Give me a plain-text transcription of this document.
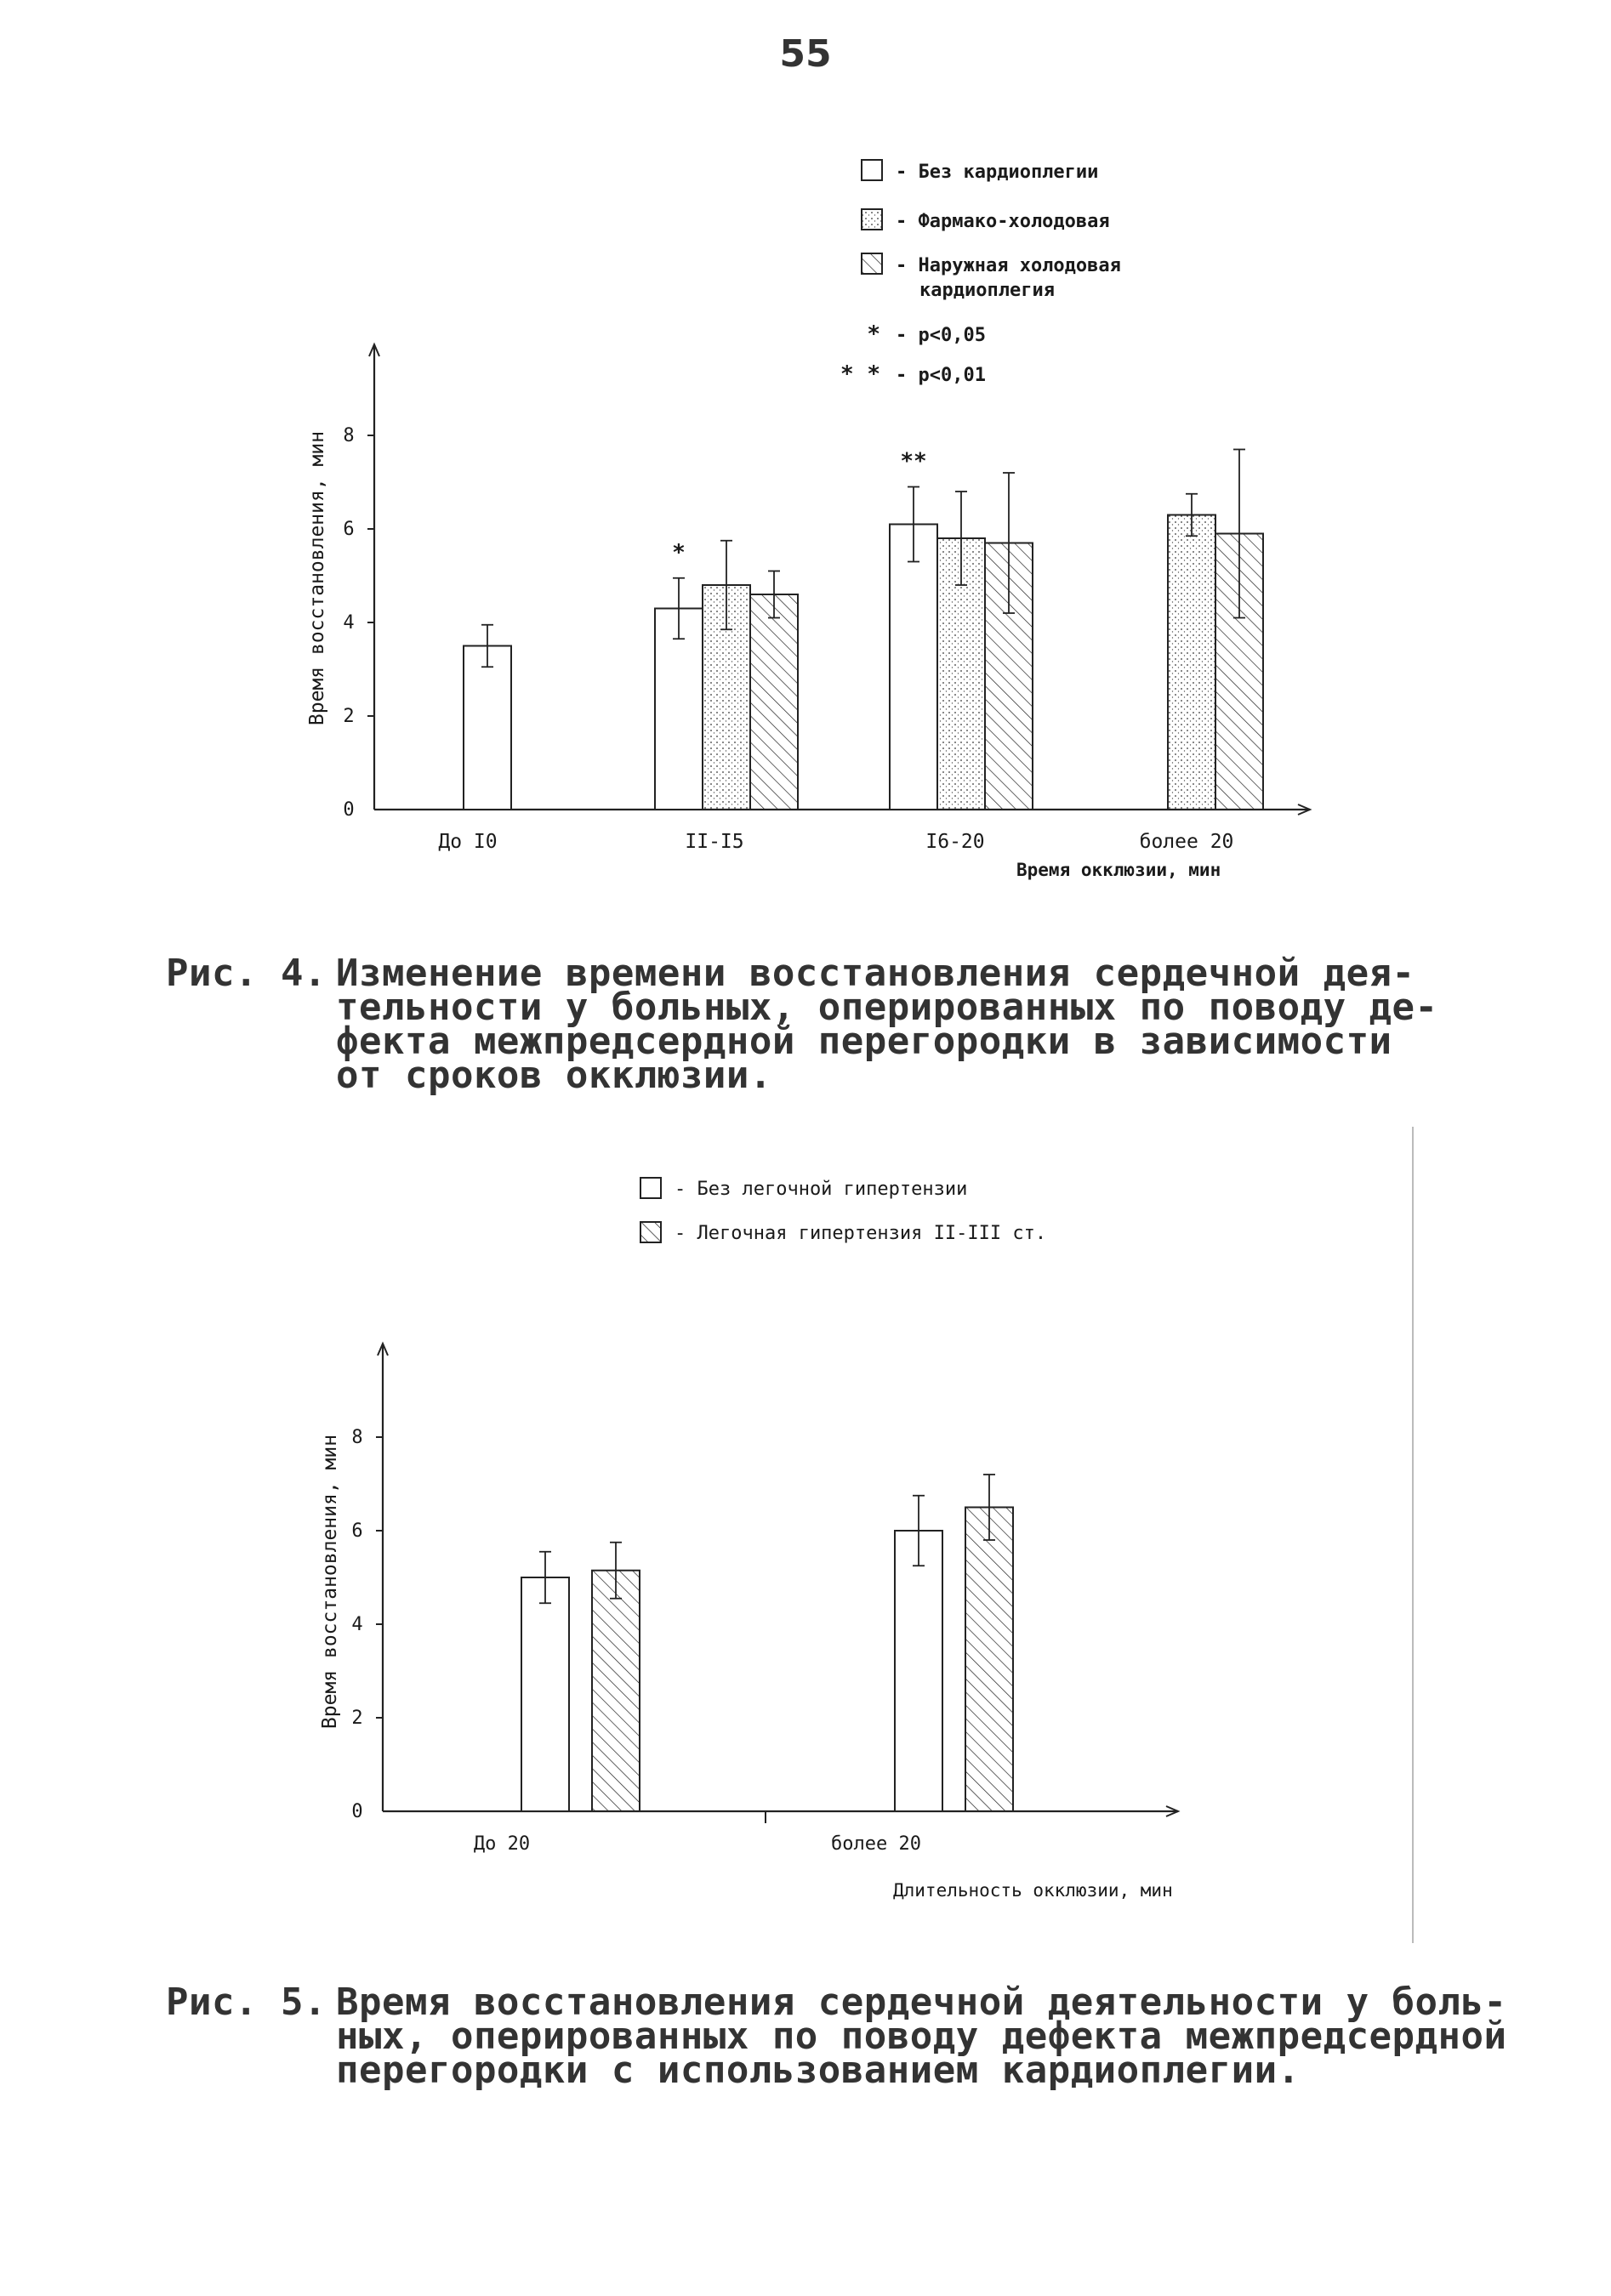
55
0
2
4
6
8
Время восстановления, мин
Время окклюзии, мин
До I0	II-I5	I6-20	более 20
*
**
- Без кардиоплегии
- Фармако-холодовая
- Наружная холодовая
кардиоплегия
* - p<0,05
* * - p<0,01
Рис. 4. Изменение времени восстановления сердечной дея-
тельности у больных, оперированных по поводу де-
фекта межпредсердной перегородки в зависимости
от сроков окклюзии.
0
2
4
6
8
Время восстановления, мин
Длительность окклюзии, мин
До 20	более 20
- Без легочной гипертензии
- Легочная гипертензия II-III ст.
Рис. 5. Время восстановления сердечной деятельности у боль-
ных, оперированных по поводу дефекта межпредсердной
перегородки с использованием кардиоплегии.
